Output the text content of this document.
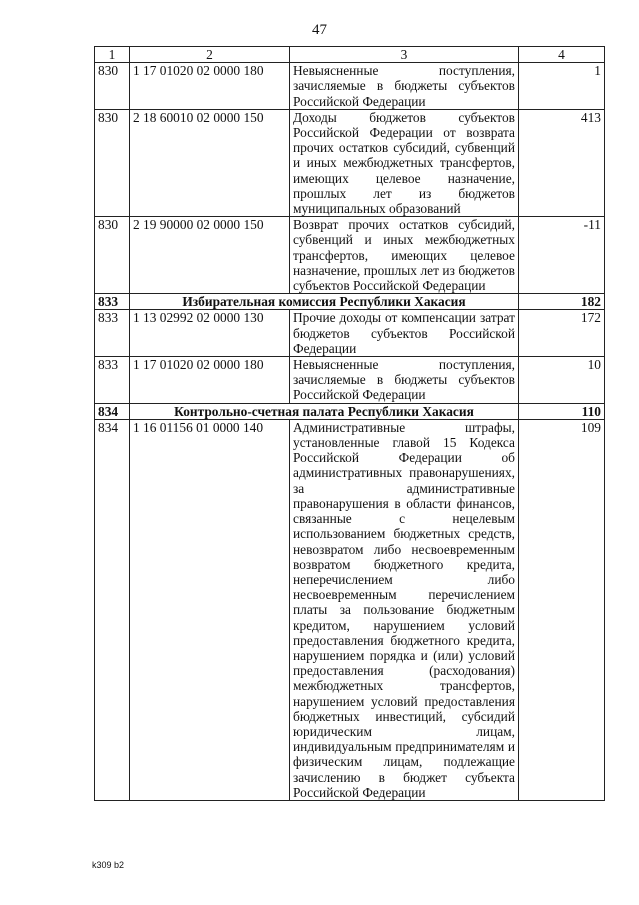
47
1	2	3	4
830	1 17 01020 02 0000 180	Невыясненные поступления, зачисляемые в бюджеты субъектов Российской Федерации	1
830	2 18 60010 02 0000 150	Доходы бюджетов субъектов Российской Федерации от возврата прочих остатков субсидий, субвенций и иных межбюджетных трансфертов, имеющих целевое назначение, прошлых лет из бюджетов муниципальных образований	413
830	2 19 90000 02 0000 150	Возврат прочих остатков субсидий, субвенций и иных межбюджетных трансфертов, имеющих целевое назначение, прошлых лет из бюджетов субъектов Российской Федерации	-11
833	Избирательная комиссия Республики Хакасия		182
833	1 13 02992 02 0000 130	Прочие доходы от компенсации затрат бюджетов субъектов Российской Федерации	172
833	1 17 01020 02 0000 180	Невыясненные поступления, зачисляемые в бюджеты субъектов Российской Федерации	10
834	Контрольно-счетная палата Республики Хакасия		110
834	1 16 01156 01 0000 140	Административные штрафы, установленные главой 15 Кодекса Российской Федерации об административных правонарушениях, за административные правонарушения в области финансов, связанные с нецелевым использованием бюджетных средств, невозвратом либо несвоевременным возвратом бюджетного кредита, неперечислением либо несвоевременным перечислением платы за пользование бюджетным кредитом, нарушением условий предоставления бюджетного кредита, нарушением порядка и (или) условий предоставления (расходования) межбюджетных трансфертов, нарушением условий предоставления бюджетных инвестиций, субсидий юридическим лицам, индивидуальным предпринимателям и физическим лицам, подлежащие зачислению в бюджет субъекта Российской Федерации	109
k309 b2
